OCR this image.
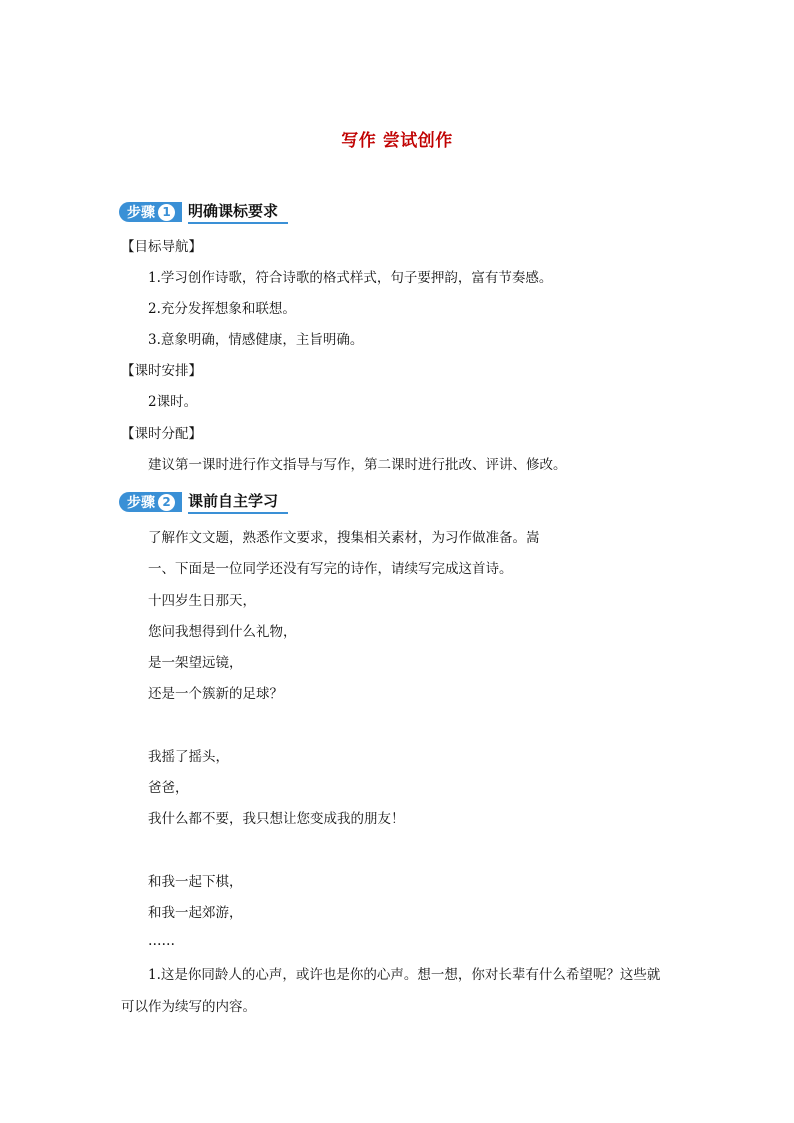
写作 尝试创作
步骤 1 明确课标要求
【目标导航】
1.学习创作诗歌，符合诗歌的格式样式，句子要押韵，富有节奏感。
2.充分发挥想象和联想。
3.意象明确，情感健康，主旨明确。
【课时安排】
2课时。
【课时分配】
建议第一课时进行作文指导与写作，第二课时进行批改、评讲、修改。
步骤 2 课前自主学习
了解作文文题，熟悉作文要求，搜集相关素材，为习作做准备。嵩
一、下面是一位同学还没有写完的诗作，请续写完成这首诗。
十四岁生日那天，
您问我想得到什么礼物，
是一架望远镜，
还是一个簇新的足球？
我摇了摇头，
爸爸，
我什么都不要，我只想让您变成我的朋友！
和我一起下棋，
和我一起郊游，
……
1.这是你同龄人的心声，或许也是你的心声。想一想，你对长辈有什么希望呢？这些就
可以作为续写的内容。
